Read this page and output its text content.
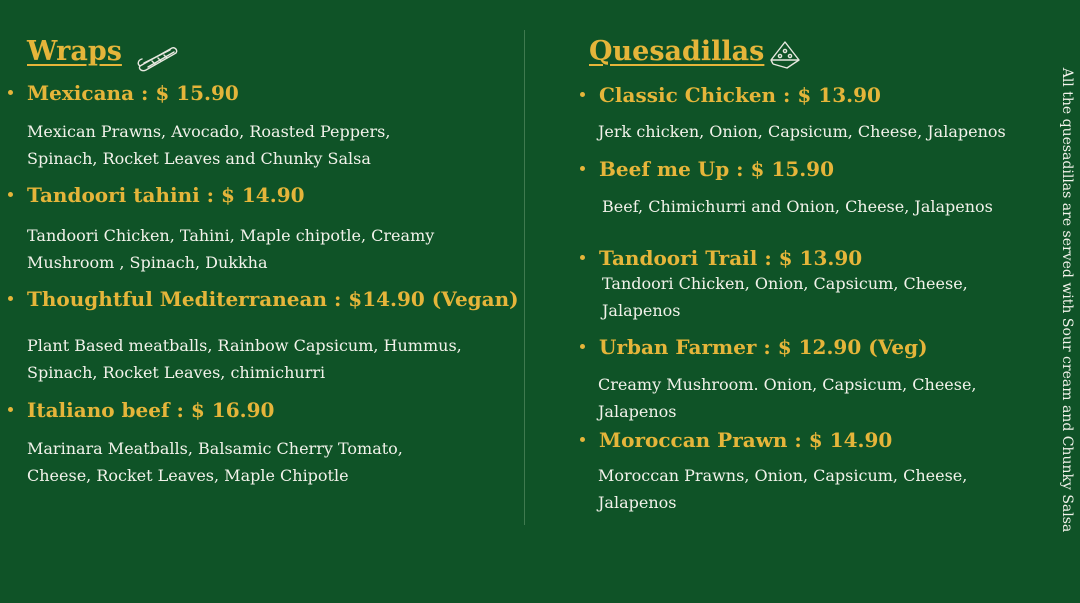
Wraps
Mexicana : $ 15.90
Mexican Prawns, Avocado, Roasted Peppers,
Spinach, Rocket Leaves and Chunky Salsa
Tandoori tahini : $ 14.90
Tandoori Chicken, Tahini, Maple chipotle, Creamy
Mushroom , Spinach, Dukkha
Thoughtful Mediterranean : $14.90 (Vegan)
Plant Based meatballs, Rainbow Capsicum, Hummus,
Spinach, Rocket Leaves, chimichurri
Italiano beef : $ 16.90
Marinara Meatballs, Balsamic Cherry Tomato,
Cheese, Rocket Leaves, Maple Chipotle
Quesadillas
Classic Chicken : $ 13.90
Jerk chicken, Onion, Capsicum, Cheese, Jalapenos
Beef me Up : $ 15.90
Beef, Chimichurri and Onion, Cheese, Jalapenos
Tandoori Trail : $ 13.90
Tandoori Chicken, Onion, Capsicum, Cheese,
Jalapenos
Urban Farmer : $ 12.90 (Veg)
Creamy Mushroom. Onion, Capsicum, Cheese,
Jalapenos
Moroccan Prawn : $ 14.90
Moroccan Prawns, Onion, Capsicum, Cheese,
Jalapenos	All the quesadillas are served with Sour cream and Chunky Salsa
